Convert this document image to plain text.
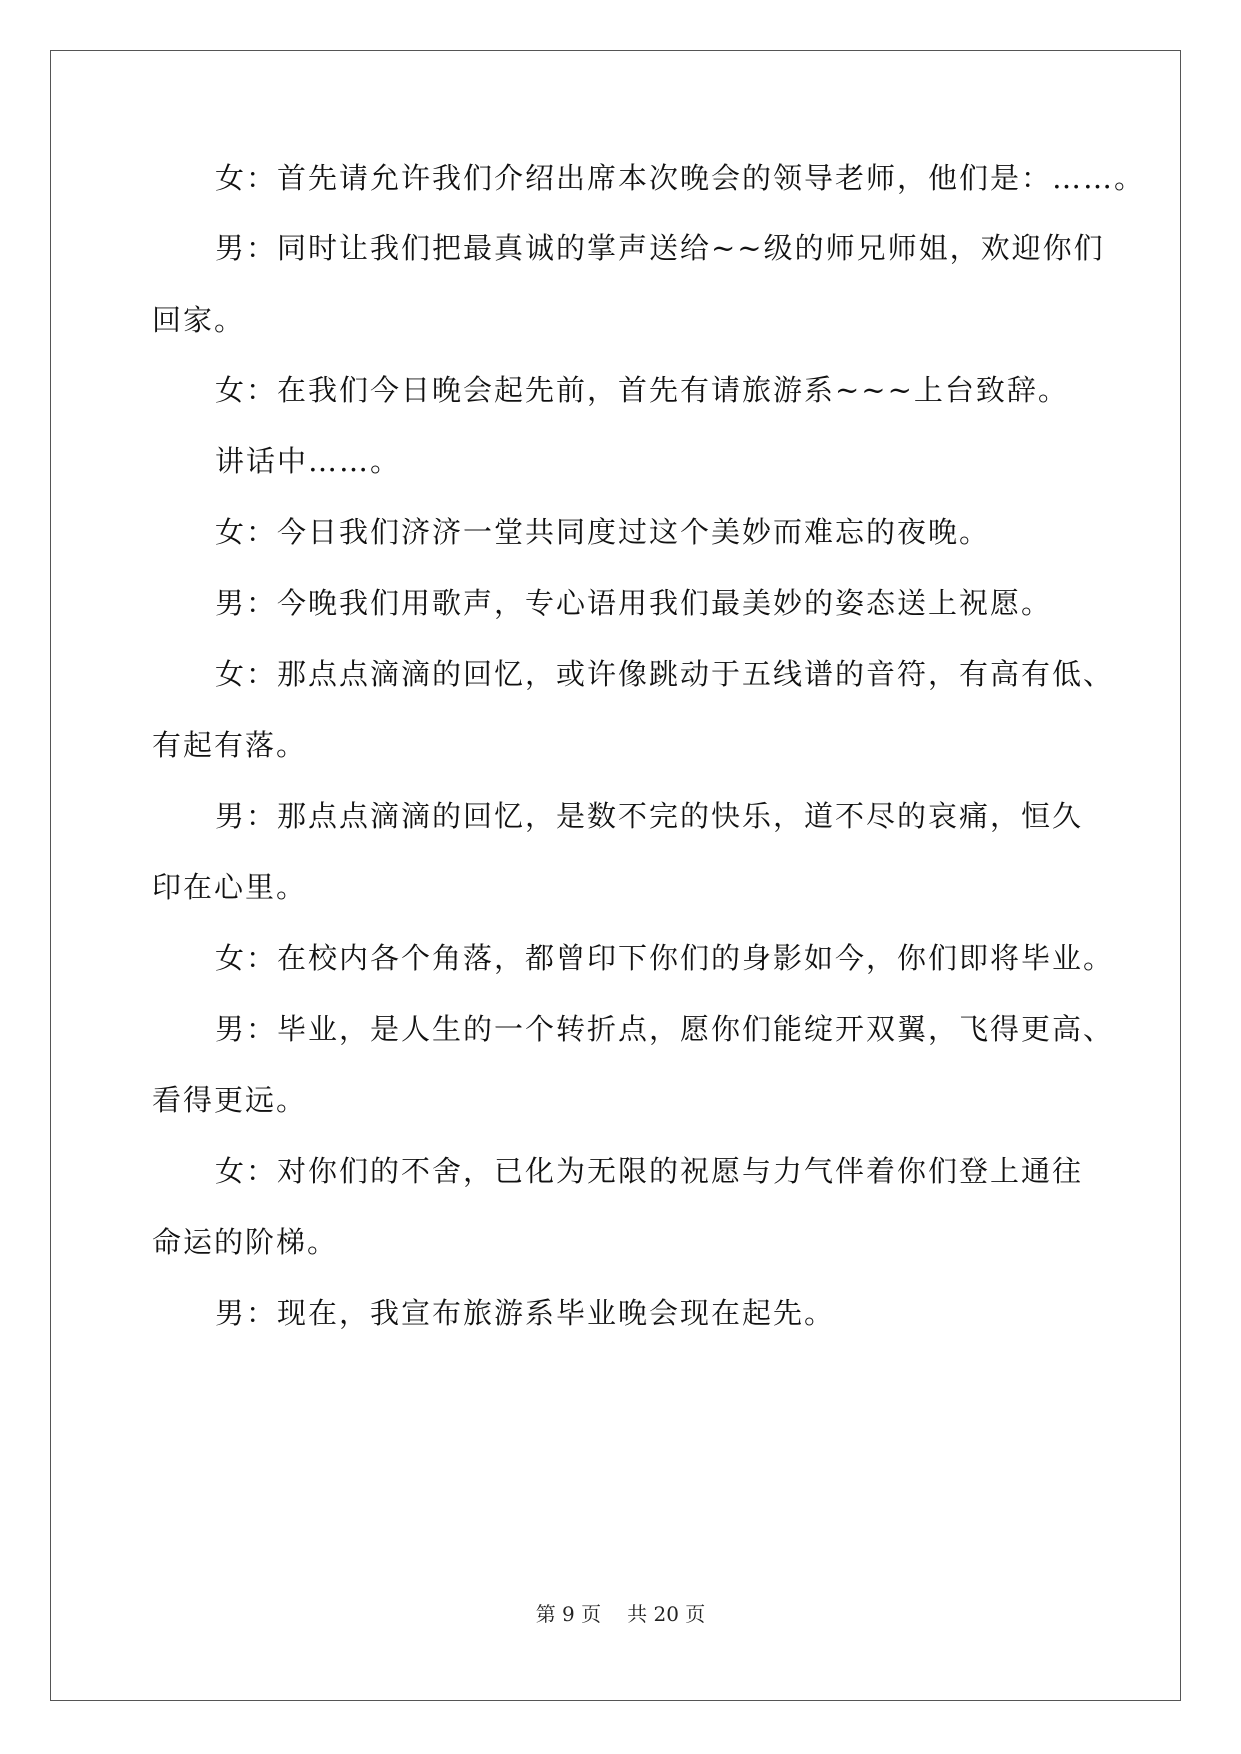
女：首先请允许我们介绍出席本次晚会的领导老师，他们是：……。
男：同时让我们把最真诚的掌声送给~~级的师兄师姐，欢迎你们
回家。
女：在我们今日晚会起先前，首先有请旅游系~~~上台致辞。
讲话中……。
女：今日我们济济一堂共同度过这个美妙而难忘的夜晚。
男：今晚我们用歌声，专心语用我们最美妙的姿态送上祝愿。
女：那点点滴滴的回忆，或许像跳动于五线谱的音符，有高有低、
有起有落。
男：那点点滴滴的回忆，是数不完的快乐，道不尽的哀痛，恒久
印在心里。
女：在校内各个角落，都曾印下你们的身影如今，你们即将毕业。
男：毕业，是人生的一个转折点，愿你们能绽开双翼，飞得更高、
看得更远。
女：对你们的不舍，已化为无限的祝愿与力气伴着你们登上通往
命运的阶梯。
男：现在，我宣布旅游系毕业晚会现在起先。
第 9 页 共 20 页
